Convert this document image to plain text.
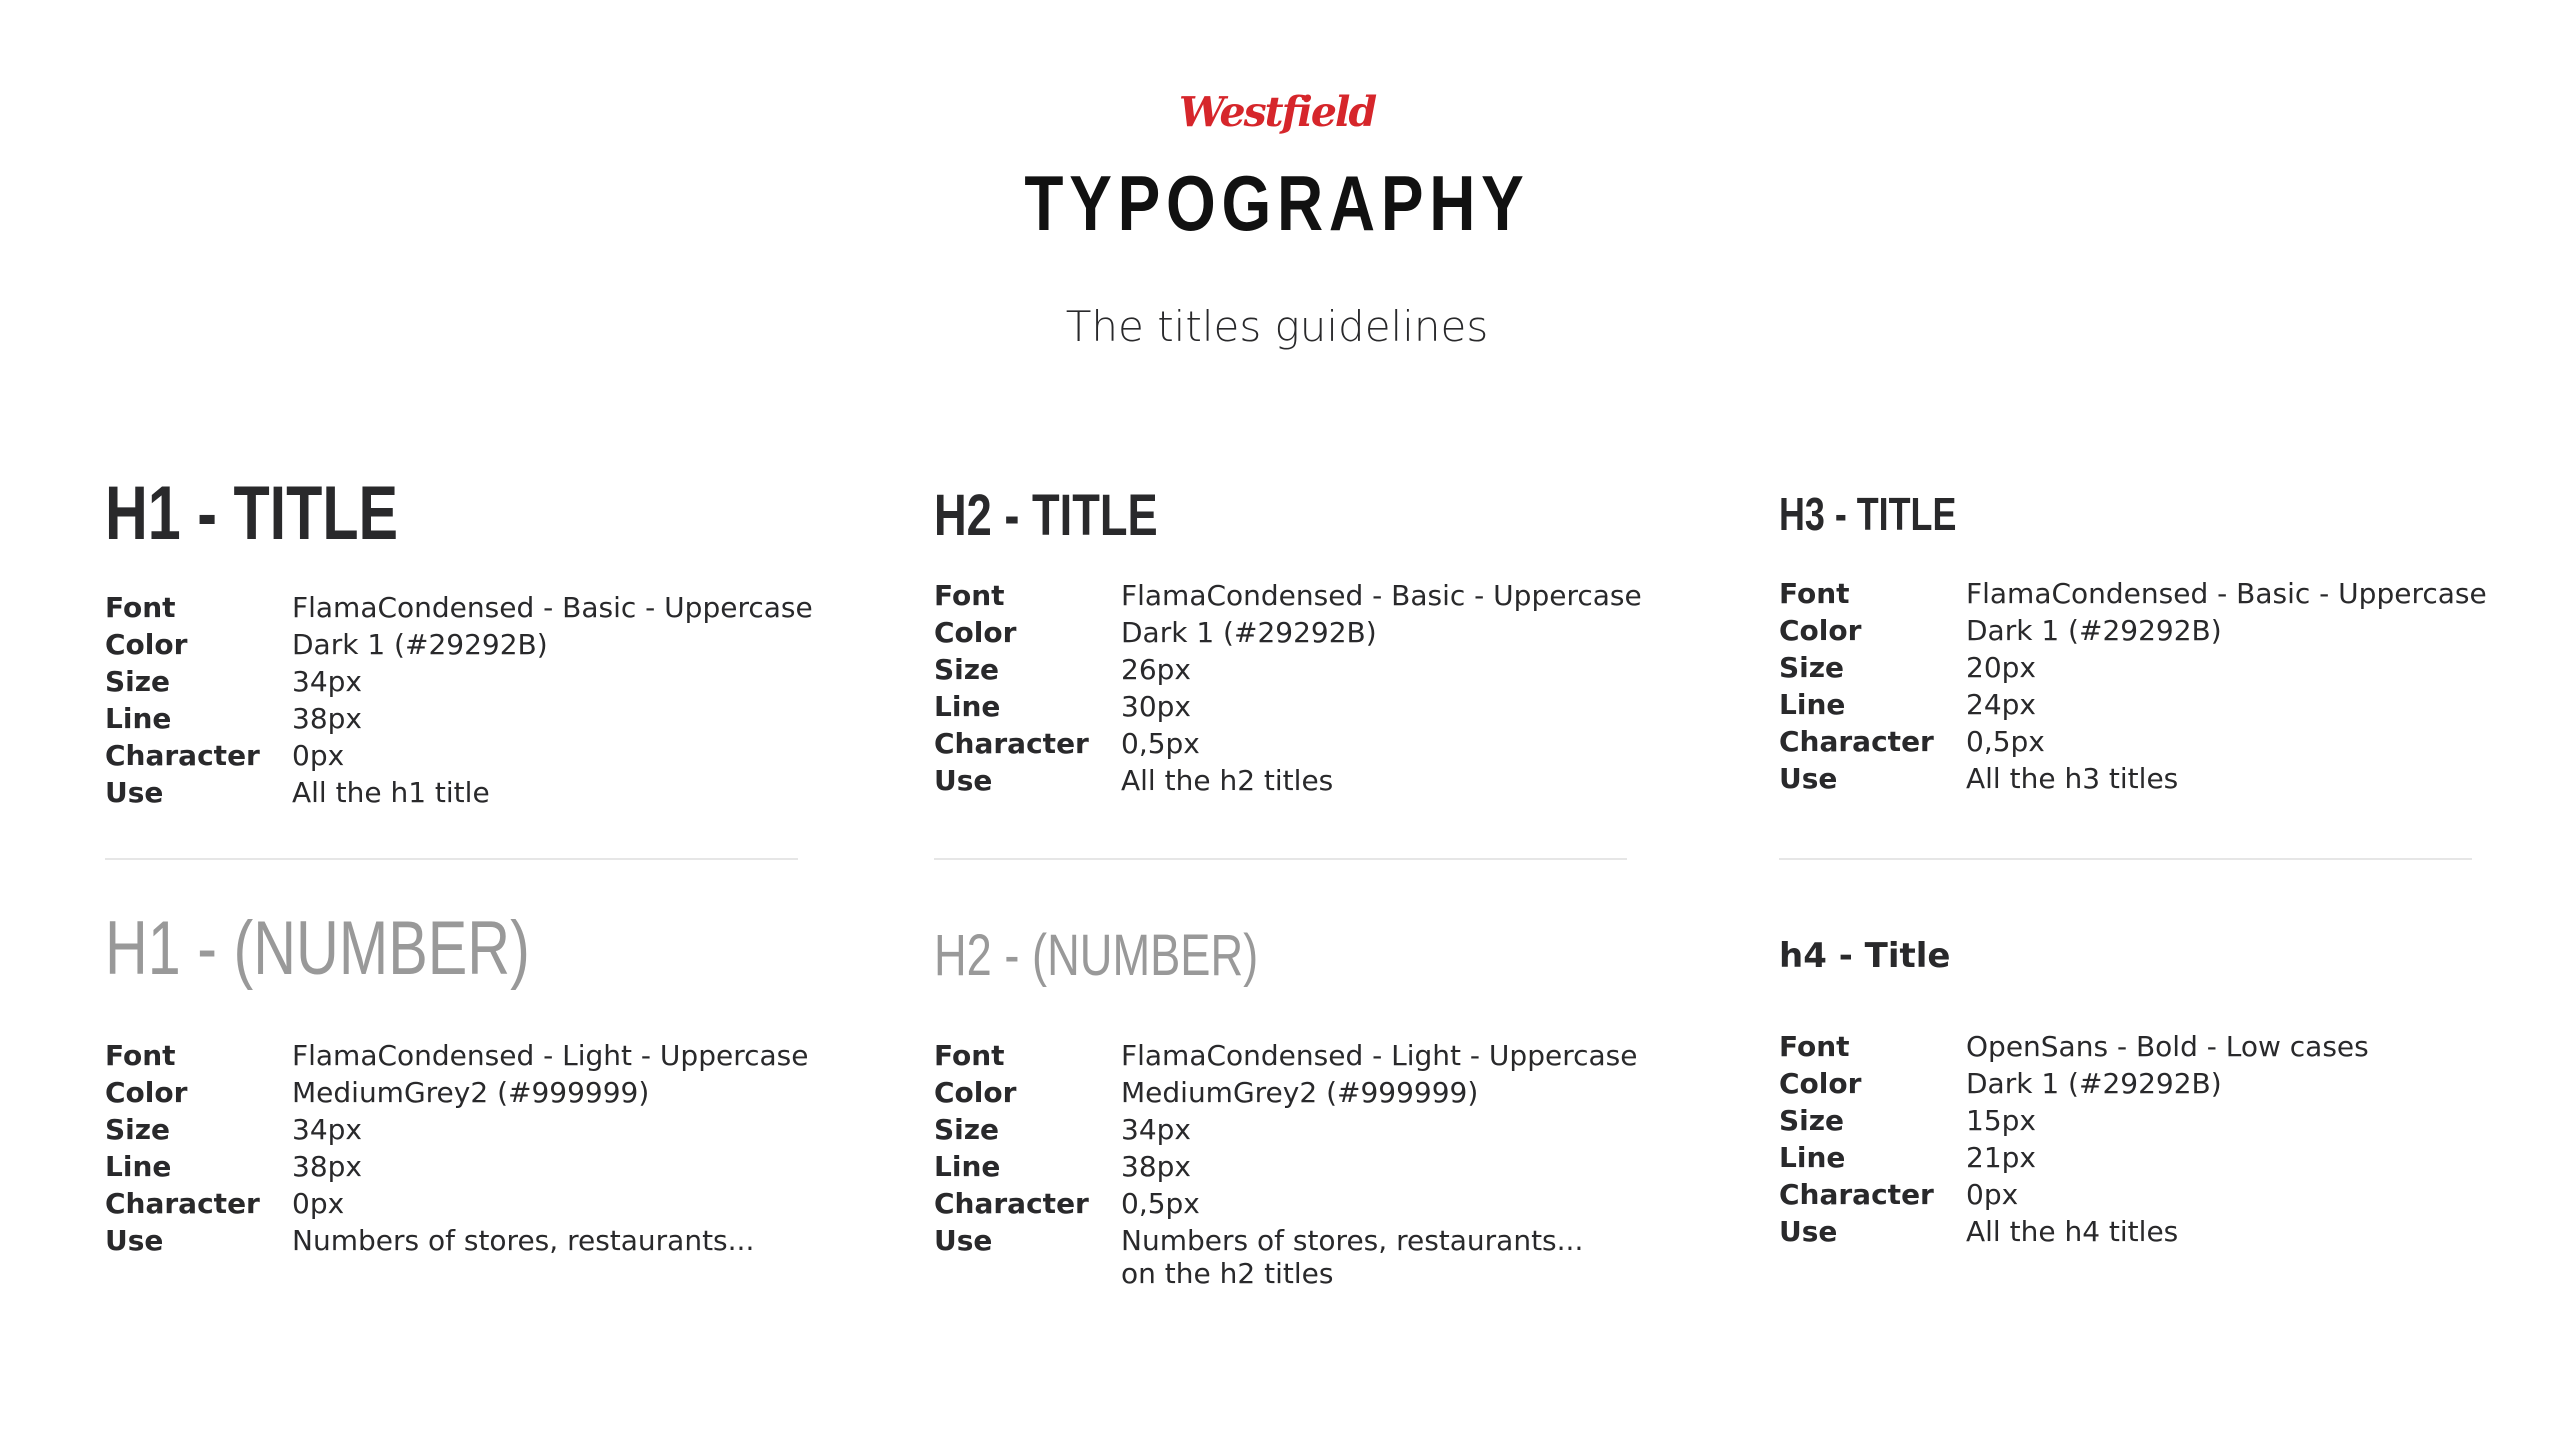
Westfield
TYPOGRAPHY
The titles guidelines
H1 - TITLE
Font	FlamaCondensed - Basic - Uppercase
Color	Dark 1 (#29292B)
Size	34px
Line	38px
Character	0px
Use	All the h1 title
H1 - (NUMBER)
Font	FlamaCondensed - Light - Uppercase
Color	MediumGrey2 (#999999)
Size	34px
Line	38px
Character	0px
Use	Numbers of stores, restaurants...
H2 - TITLE
Font	FlamaCondensed - Basic - Uppercase
Color	Dark 1 (#29292B)
Size	26px
Line	30px
Character	0,5px
Use	All the h2 titles
H2 - (NUMBER)
Font	FlamaCondensed - Light - Uppercase
Color	MediumGrey2 (#999999)
Size	34px
Line	38px
Character	0,5px
Use	Numbers of stores, restaurants...
on the h2 titles
H3 - TITLE
Font	FlamaCondensed - Basic - Uppercase
Color	Dark 1 (#29292B)
Size	20px
Line	24px
Character	0,5px
Use	All the h3 titles
h4 - Title
Font	OpenSans - Bold - Low cases
Color	Dark 1 (#29292B)
Size	15px
Line	21px
Character	0px
Use	All the h4 titles
